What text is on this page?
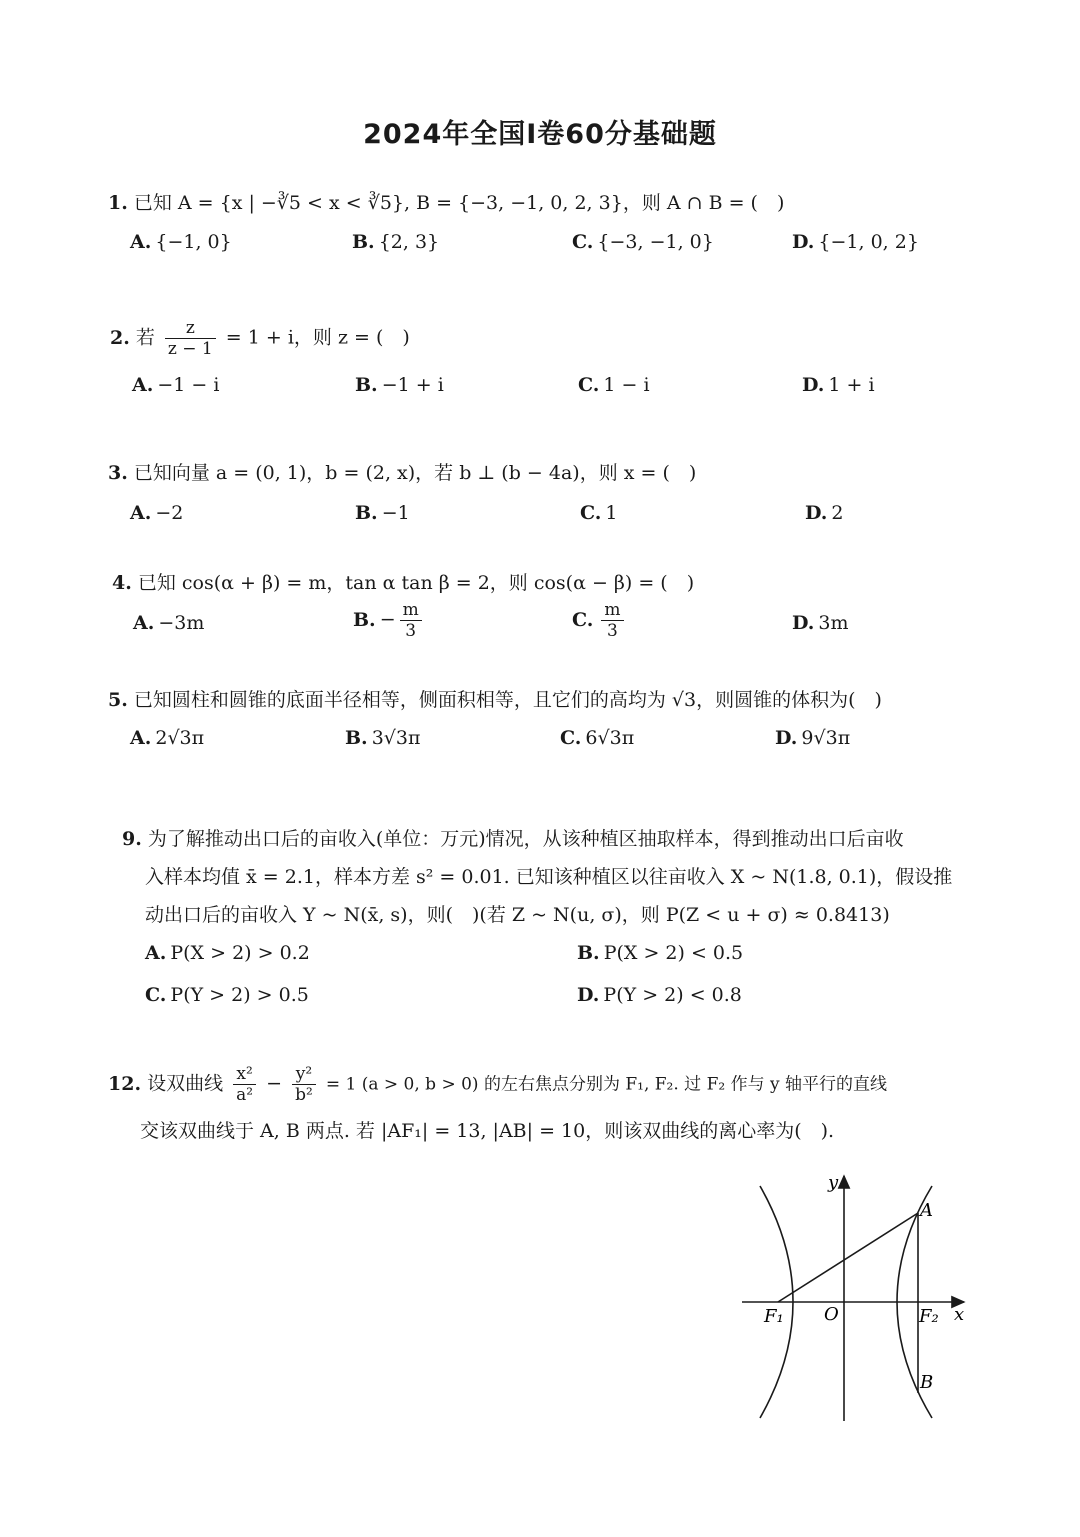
2024年全国I卷60分基础题
1. 已知 A = {x | −∛5 < x < ∛5}, B = {−3, −1, 0, 2, 3}，则 A ∩ B = (　)
A. {−1, 0}	B. {2, 3}	C. {−3, −1, 0}	D. {−1, 0, 2}
2. 若 $\frac{z}{z - 1} = 1 + i$，则 z = (　)
A. −1 − i	B. −1 + i	C. 1 − i	D. 1 + i
3. 已知向量 a = (0, 1)，b = (2, x)，若 b ⊥ (b − 4a)，则 x = (　)
A. −2	B. −1	C. 1	D. 2
4. 已知 cos(α + β) = m，tan α tan β = 2，则 cos(α − β) = (　)
A. −3m	B. − $\frac{m}{3}$	C. $\frac{m}{3}$	D. 3m
5. 已知圆柱和圆锥的底面半径相等，侧面积相等，且它们的高均为 √3，则圆锥的体积为(　)
A. 2√3π	B. 3√3π	C. 6√3π	D. 9√3π
9. 为了解推动出口后的亩收入(单位：万元)情况，从该种植区抽取样本，得到推动出口后亩收
入样本均值 x̄ = 2.1，样本方差 s² = 0.01. 已知该种植区以往亩收入 X ~ N(1.8, 0.1)，假设推
动出口后的亩收入 Y ~ N(x̄, s)，则(　)(若 Z ~ N(u, σ)，则 P(Z < u + σ) ≈ 0.8413)
A. P(X > 2) > 0.2	B. P(X > 2) < 0.5
C. P(Y > 2) > 0.5	D. P(Y > 2) < 0.8
12. 设双曲线 $\frac{\text{x²}}{\text{a²}} - \frac{\text{y²}}{\text{b²}} = 1$ (a > 0, b > 0) 的左右焦点分别为 F₁, F₂. 过 F₂ 作与 y 轴平行的直线
交该双曲线于 A, B 两点. 若 |AF₁| = 13, |AB| = 10，则该双曲线的离心率为(　).
y
x
O
F₁	F₂
A
B
